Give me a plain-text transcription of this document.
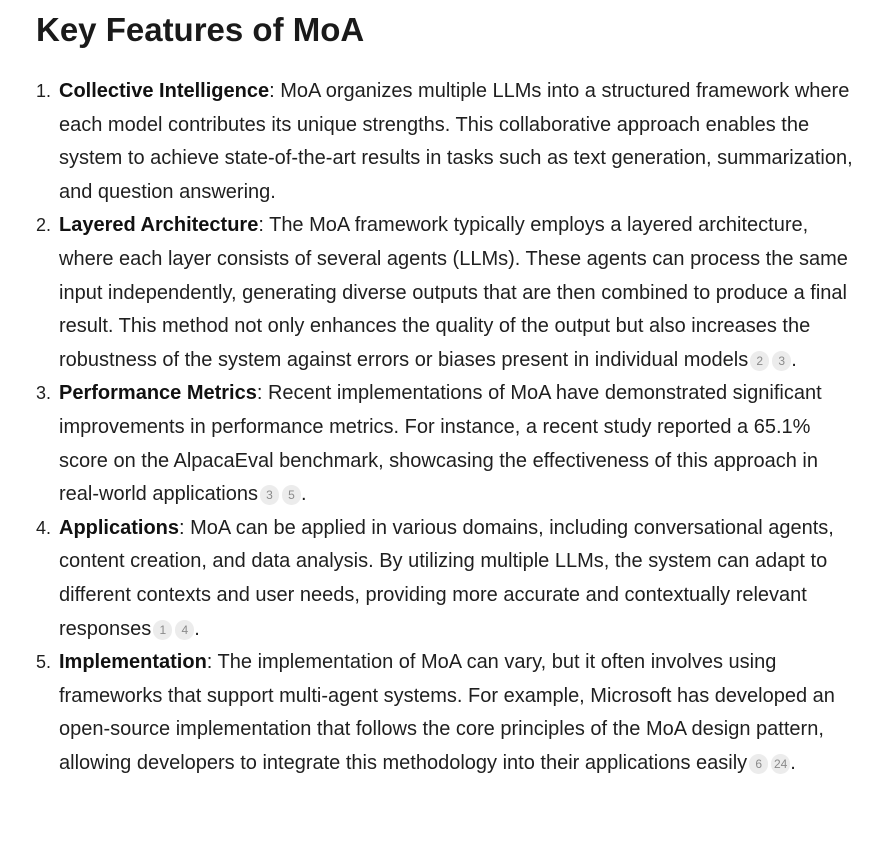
Key Features of MoA
1. Collective Intelligence: MoA organizes multiple LLMs into a structured framework where each model contributes its unique strengths. This collaborative approach enables the system to achieve state-of-the-art results in tasks such as text generation, summarization, and question answering.
2. Layered Architecture: The MoA framework typically employs a layered architecture, where each layer consists of several agents (LLMs). These agents can process the same input independently, generating diverse outputs that are then combined to produce a final result. This method not only enhances the quality of the output but also increases the robustness of the system against errors or biases present in individual models 2 3 .
3. Performance Metrics: Recent implementations of MoA have demonstrated significant improvements in performance metrics. For instance, a recent study reported a 65.1% score on the AlpacaEval benchmark, showcasing the effectiveness of this approach in real-world applications 3 5 .
4. Applications: MoA can be applied in various domains, including conversational agents, content creation, and data analysis. By utilizing multiple LLMs, the system can adapt to different contexts and user needs, providing more accurate and contextually relevant responses 1 4 .
5. Implementation: The implementation of MoA can vary, but it often involves using frameworks that support multi-agent systems. For example, Microsoft has developed an open-source implementation that follows the core principles of the MoA design pattern, allowing developers to integrate this methodology into their applications easily 6 24 .
